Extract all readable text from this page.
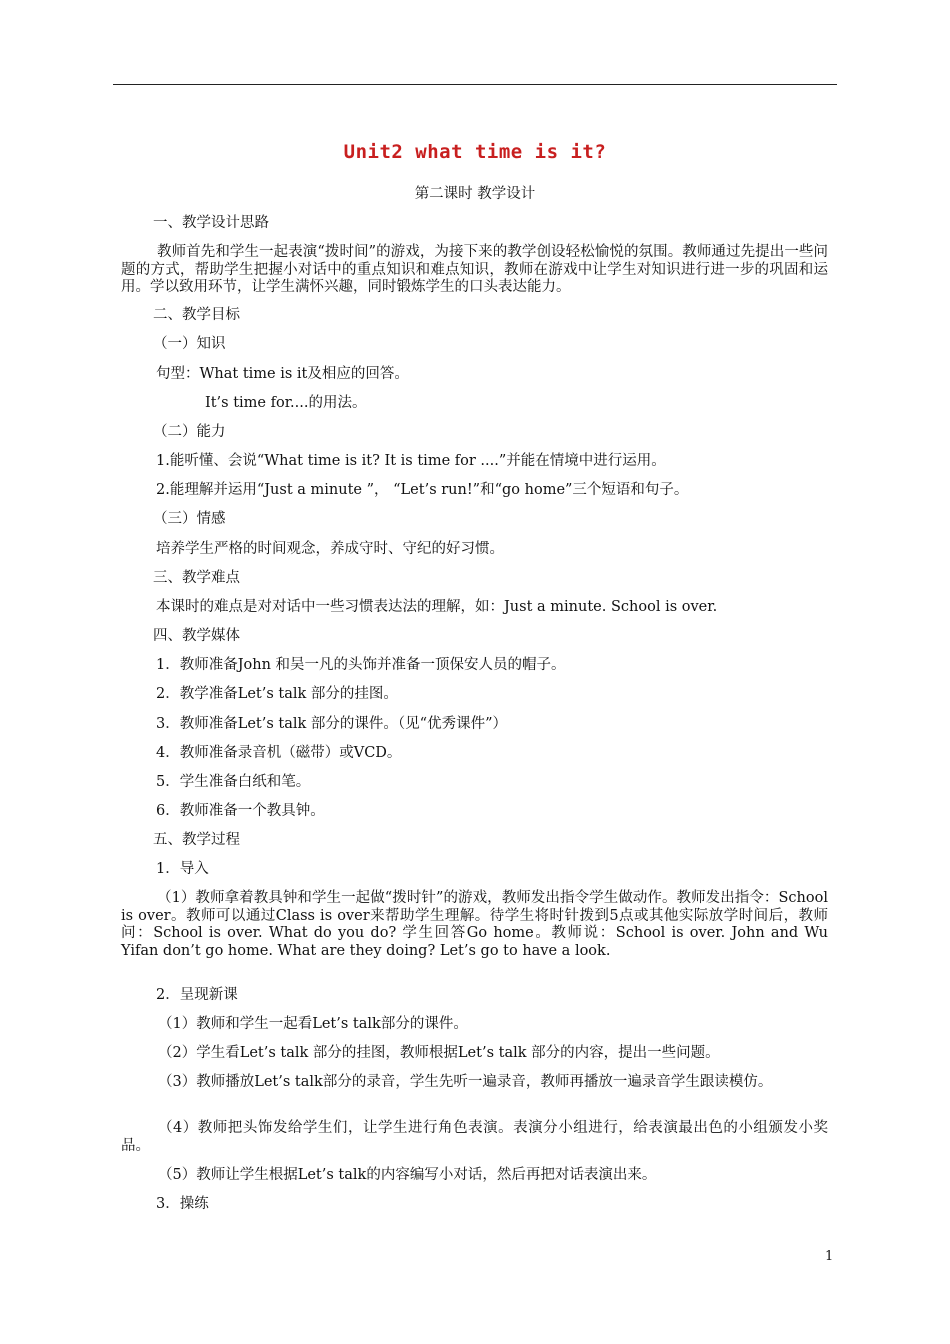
Unit2 what time is it?
第二课时 教学设计
一、教学设计思路
教师首先和学生一起表演“拨时间”的游戏，为接下来的教学创设轻松愉悦的氛围。教师通过先提出一些问题的方式，帮助学生把握小对话中的重点知识和难点知识，教师在游戏中让学生对知识进行进一步的巩固和运用。学以致用环节，让学生满怀兴趣，同时锻炼学生的口头表达能力。
二、教学目标
（一）知识
句型：What time is it及相应的回答。
It’s time for....的用法。
（二）能力
1.能听懂、会说“What time is it? It is time for ....”并能在情境中进行运用。
2.能理解并运用“Just a minute ”， “Let’s run!”和“go home”三个短语和句子。
（三）情感
培养学生严格的时间观念，养成守时、守纪的好习惯。
三、教学难点
本课时的难点是对对话中一些习惯表达法的理解，如：Just a minute. School is over.
四、教学媒体
1．教师准备John 和吴一凡的头饰并准备一顶保安人员的帽子。
2．教学准备Let’s talk 部分的挂图。
3．教师准备Let’s talk 部分的课件。（见“优秀课件”）
4．教师准备录音机（磁带）或VCD。
5．学生准备白纸和笔。
6．教师准备一个教具钟。
五、教学过程
1．导入
（1）教师拿着教具钟和学生一起做“拨时针”的游戏，教师发出指令学生做动作。教师发出指令：School is over。教师可以通过Class is over来帮助学生理解。待学生将时针拨到5点或其他实际放学时间后，教师问：School is over. What do you do? 学生回答Go home。教师说：School is over. John and Wu Yifan don’t go home. What are they doing? Let’s go to have a look.
2．呈现新课
（1）教师和学生一起看Let’s talk部分的课件。
（2）学生看Let’s talk 部分的挂图，教师根据Let’s talk 部分的内容，提出一些问题。
（3）教师播放Let’s talk部分的录音，学生先听一遍录音，教师再播放一遍录音学生跟读模仿。
（4）教师把头饰发给学生们，让学生进行角色表演。表演分小组进行，给表演最出色的小组颁发小奖品。
（5）教师让学生根据Let’s talk的内容编写小对话，然后再把对话表演出来。
3．操练
1
